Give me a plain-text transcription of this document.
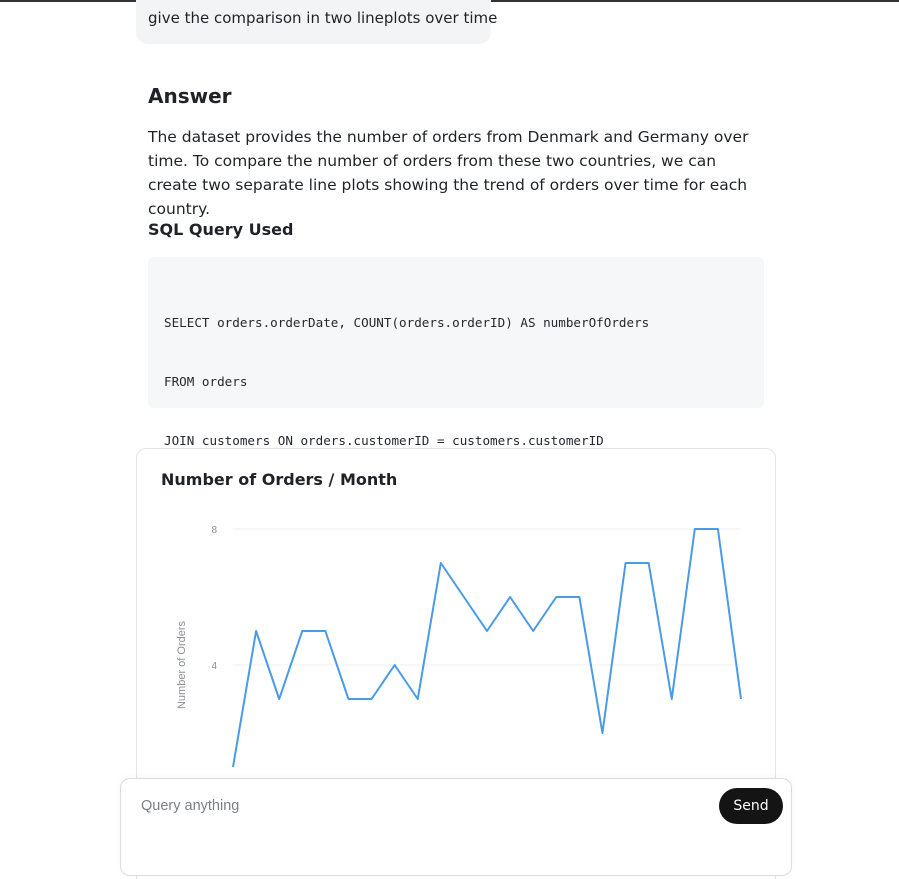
give the comparison in two lineplots over time
Answer

The dataset provides the number of orders from Denmark and Germany over time. To compare the number of orders from these two countries, we can create two separate line plots showing the trend of orders over time for each country.

SQL Query Used

SELECT orders.orderDate, COUNT(orders.orderID) AS numberOfOrders

FROM orders

JOIN customers ON orders.customerID = customers.customerID

Number of Orders / Month
4
8
Number of Orders
Query anything
Send
